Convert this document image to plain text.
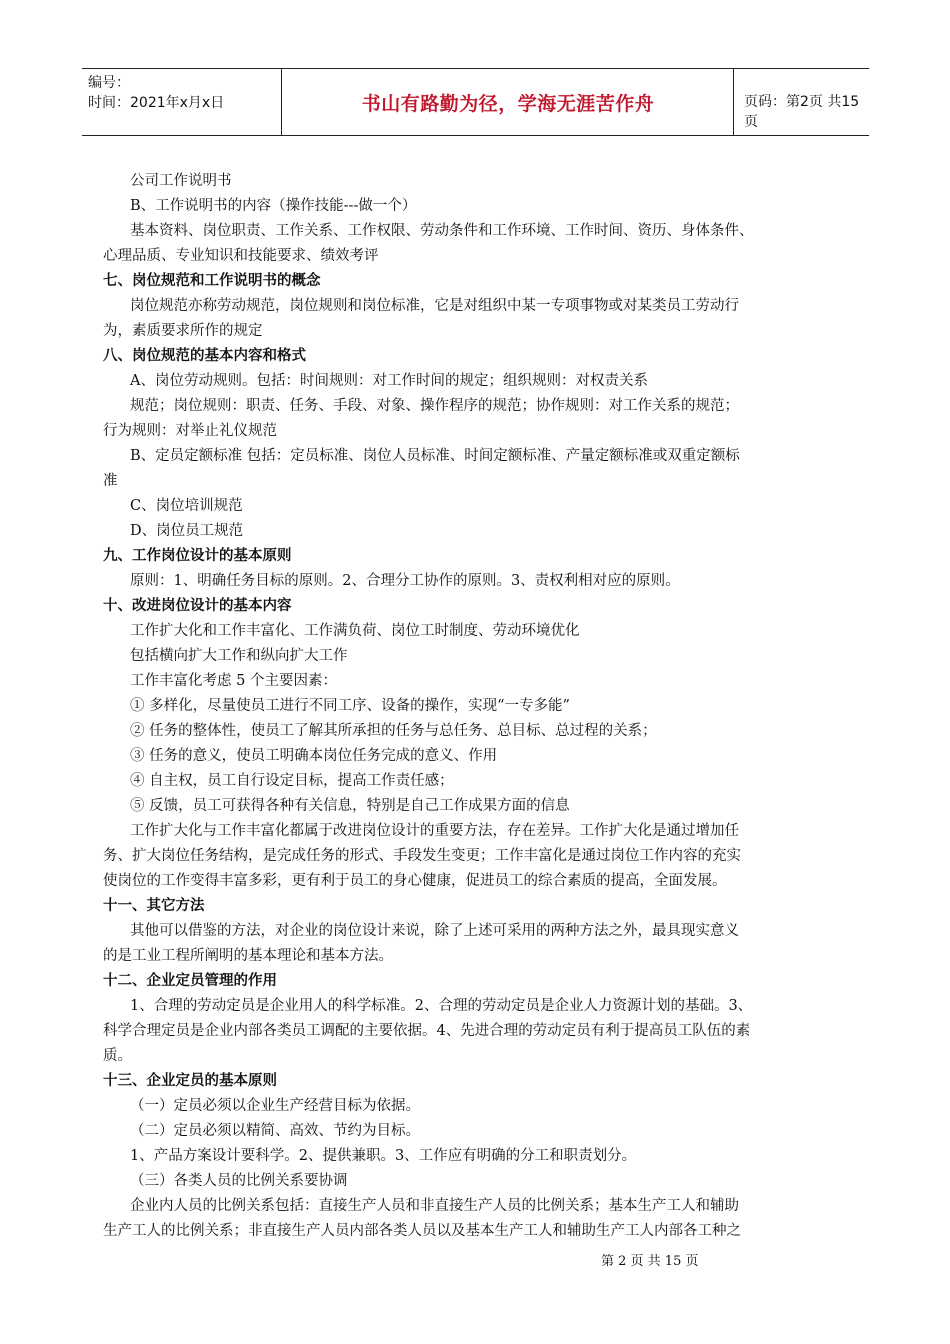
编号：
时间：2021年x月x日	书山有路勤为径，学海无涯苦作舟	页码：第2页 共15页
公司工作说明书
B、工作说明书的内容（操作技能---做一个）
基本资料、岗位职责、工作关系、工作权限、劳动条件和工作环境、工作时间、资历、身体条件、
心理品质、专业知识和技能要求、绩效考评
七、岗位规范和工作说明书的概念
岗位规范亦称劳动规范，岗位规则和岗位标准，它是对组织中某一专项事物或对某类员工劳动行
为，素质要求所作的规定
八、岗位规范的基本内容和格式
A、岗位劳动规则。包括：时间规则：对工作时间的规定；组织规则：对权责关系
规范；岗位规则：职责、任务、手段、对象、操作程序的规范；协作规则：对工作关系的规范；
行为规则：对举止礼仪规范
B、定员定额标准 包括：定员标准、岗位人员标准、时间定额标准、产量定额标准或双重定额标
准
C、岗位培训规范
D、岗位员工规范
九、工作岗位设计的基本原则
原则：1、明确任务目标的原则。2、合理分工协作的原则。3、责权利相对应的原则。
十、改进岗位设计的基本内容
工作扩大化和工作丰富化、工作满负荷、岗位工时制度、劳动环境优化
包括横向扩大工作和纵向扩大工作
工作丰富化考虑 5 个主要因素：
① 多样化，尽量使员工进行不同工序、设备的操作，实现“一专多能”
② 任务的整体性，使员工了解其所承担的任务与总任务、总目标、总过程的关系；
③ 任务的意义，使员工明确本岗位任务完成的意义、作用
④ 自主权，员工自行设定目标，提高工作责任感；
⑤ 反馈，员工可获得各种有关信息，特别是自己工作成果方面的信息
工作扩大化与工作丰富化都属于改进岗位设计的重要方法，存在差异。工作扩大化是通过增加任
务、扩大岗位任务结构，是完成任务的形式、手段发生变更；工作丰富化是通过岗位工作内容的充实
使岗位的工作变得丰富多彩，更有利于员工的身心健康，促进员工的综合素质的提高，全面发展。
十一、其它方法
其他可以借鉴的方法，对企业的岗位设计来说，除了上述可采用的两种方法之外，最具现实意义
的是工业工程所阐明的基本理论和基本方法。
十二、企业定员管理的作用
1、合理的劳动定员是企业用人的科学标准。2、合理的劳动定员是企业人力资源计划的基础。3、
科学合理定员是企业内部各类员工调配的主要依据。4、先进合理的劳动定员有利于提高员工队伍的素
质。
十三、企业定员的基本原则
（一）定员必须以企业生产经营目标为依据。
（二）定员必须以精简、高效、节约为目标。
1、产品方案设计要科学。2、提供兼职。3、工作应有明确的分工和职责划分。
（三）各类人员的比例关系要协调
企业内人员的比例关系包括：直接生产人员和非直接生产人员的比例关系；基本生产工人和辅助
生产工人的比例关系；非直接生产人员内部各类人员以及基本生产工人和辅助生产工人内部各工种之
第 2 页 共 15 页
